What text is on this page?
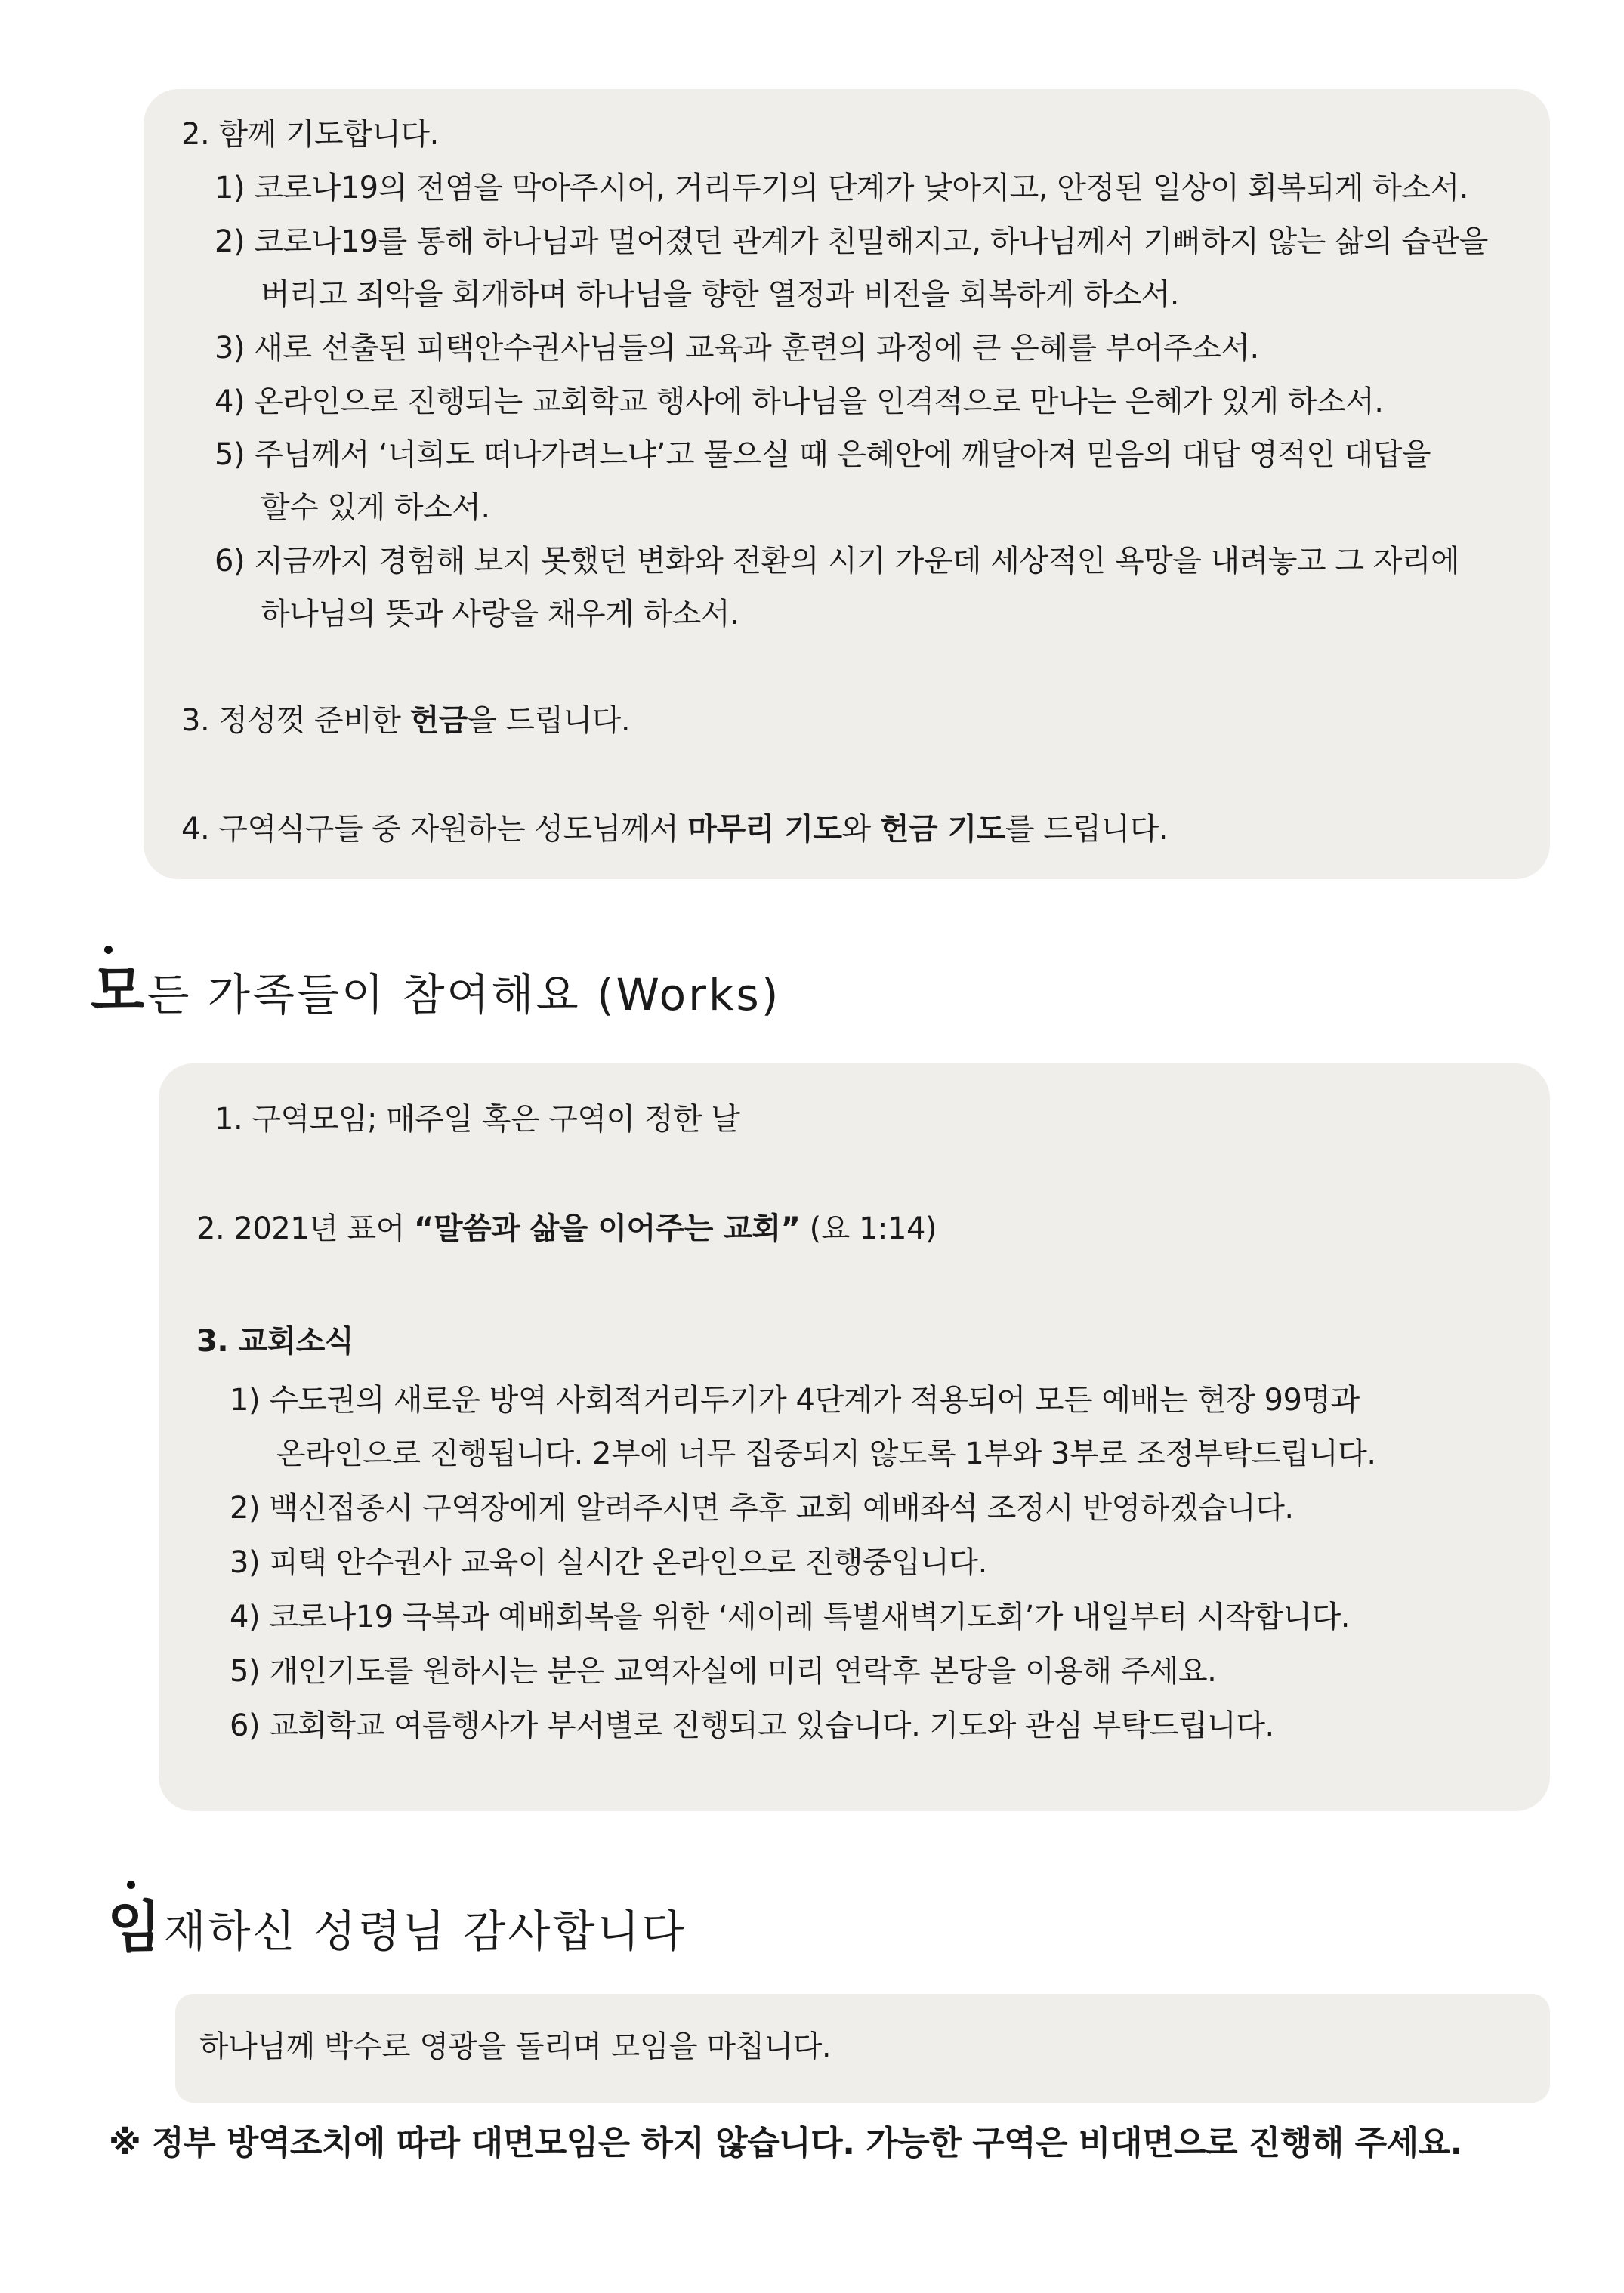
2. 함께 기도합니다.
1) 코로나19의 전염을 막아주시어, 거리두기의 단계가 낮아지고, 안정된 일상이 회복되게 하소서.
2) 코로나19를 통해 하나님과 멀어졌던 관계가 친밀해지고, 하나님께서 기뻐하지 않는 삶의 습관을
버리고 죄악을 회개하며 하나님을 향한 열정과 비전을 회복하게 하소서.
3) 새로 선출된 피택안수권사님들의 교육과 훈련의 과정에 큰 은혜를 부어주소서.
4) 온라인으로 진행되는 교회학교 행사에 하나님을 인격적으로 만나는 은혜가 있게 하소서.
5) 주님께서 ‘너희도 떠나가려느냐’고 물으실 때 은혜안에 깨달아져 믿음의 대답 영적인 대답을
할수 있게 하소서.
6) 지금까지 경험해 보지 못했던 변화와 전환의 시기 가운데 세상적인 욕망을 내려놓고 그 자리에
하나님의 뜻과 사랑을 채우게 하소서.
3. 정성껏 준비한 헌금을 드립니다.
4. 구역식구들 중 자원하는 성도님께서 마무리 기도와 헌금 기도를 드립니다.
모든 가족들이 참여해요 (Works)
1. 구역모임; 매주일 혹은 구역이 정한 날
2. 2021년 표어 “말씀과 삶을 이어주는 교회” (요 1:14)
3. 교회소식
1) 수도권의 새로운 방역 사회적거리두기가 4단계가 적용되어 모든 예배는 현장 99명과
온라인으로 진행됩니다. 2부에 너무 집중되지 않도록 1부와 3부로 조정부탁드립니다.
2) 백신접종시 구역장에게 알려주시면 추후 교회 예배좌석 조정시 반영하겠습니다.
3) 피택 안수권사 교육이 실시간 온라인으로 진행중입니다.
4) 코로나19 극복과 예배회복을 위한 ‘세이레 특별새벽기도회’가 내일부터 시작합니다.
5) 개인기도를 원하시는 분은 교역자실에 미리 연락후 본당을 이용해 주세요.
6) 교회학교 여름행사가 부서별로 진행되고 있습니다. 기도와 관심 부탁드립니다.
임재하신 성령님 감사합니다
하나님께 박수로 영광을 돌리며 모임을 마칩니다.
※ 정부 방역조치에 따라 대면모임은 하지 않습니다. 가능한 구역은 비대면으로 진행해 주세요.
